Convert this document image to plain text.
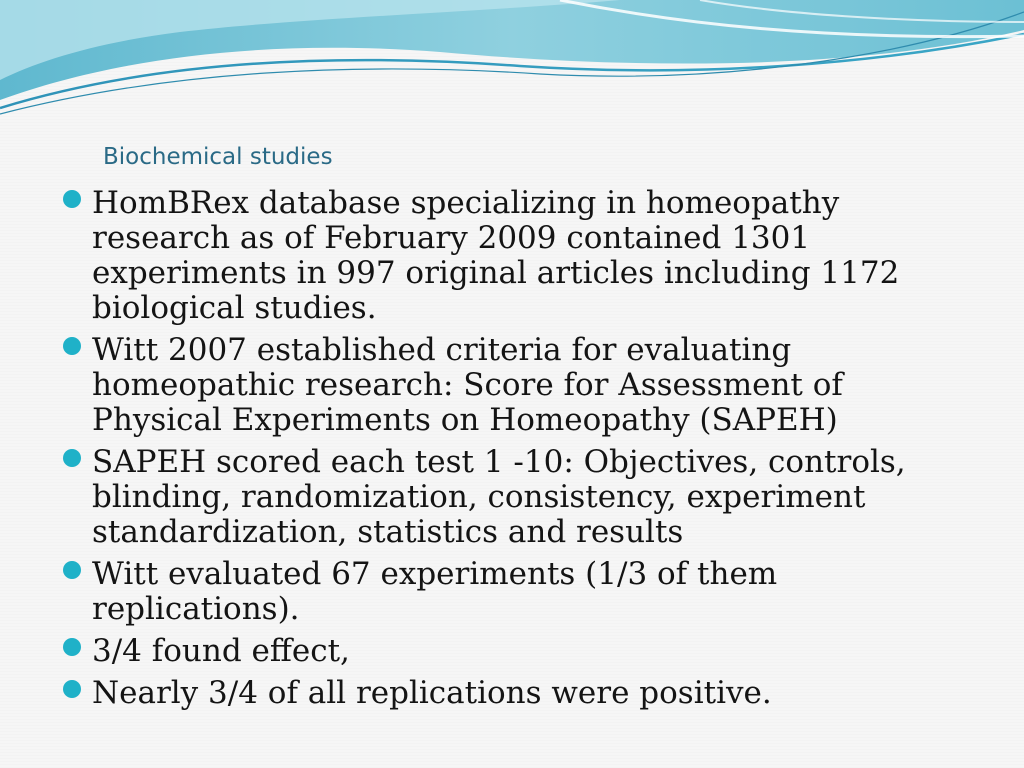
Biochemical studies
HomBRex database specializing in homeopathy
research as of February 2009 contained 1301
experiments in 997 original articles including 1172
biological studies.
Witt 2007 established criteria for evaluating
homeopathic research: Score for Assessment of
Physical Experiments on Homeopathy (SAPEH)
SAPEH scored each test 1 -10: Objectives, controls,
blinding, randomization, consistency, experiment
standardization, statistics and results
Witt evaluated 67 experiments (1/3 of them
replications).
3/4 found effect,
Nearly 3/4 of all replications were positive.
